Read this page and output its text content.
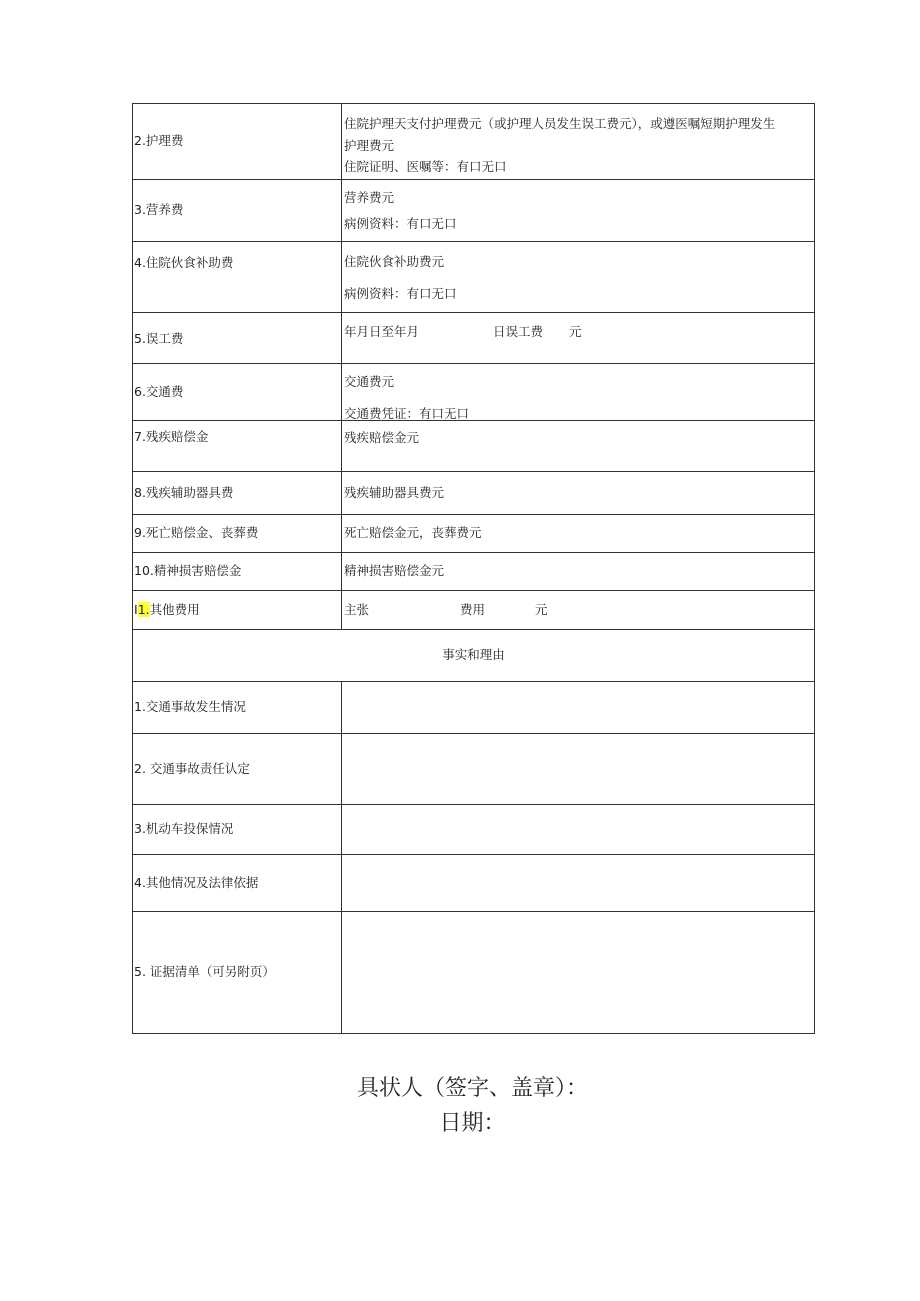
2.护理费	住院护理天支付护理费元（或护理人员发生误工费元），或遵医嘱短期护理发生
护理费元
住院证明、医嘱等：有口无口

3.营养费	营养费元
病例资料：有口无口

4.住院伙食补助费	住院伙食补助费元
病例资料：有口无口

5.误工费	年月日至年月 日误工费 元

6.交通费	交通费元
交通费凭证：有口无口

7.残疾赔偿金	残疾赔偿金元

8.残疾辅助器具费	残疾辅助器具费元

9.死亡赔偿金、丧葬费	死亡赔偿金元，丧葬费元

10.精神损害赔偿金	精神损害赔偿金元

I1.其他费用	主张 费用 元

事实和理由	
1.交通事故发生情况	
2. 交通事故责任认定	
3.机动车投保情况	
4.其他情况及法律依据	
5. 证据清单（可另附页）	
具状人（签字、盖章）：
日期：
